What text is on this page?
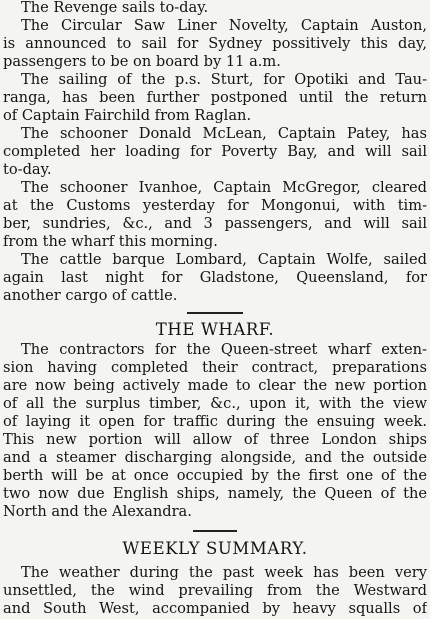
The Revenge sails to-day.

The Circular Saw Liner Novelty, Captain Auston,

is announced to sail for Sydney possitively this day,

passengers to be on board by 11 a.m.

The sailing of the p.s. Sturt, for Opotiki and Tau-

ranga, has been further postponed until the return

of Captain Fairchild from Raglan.

The schooner Donald McLean, Captain Patey, has

completed her loading for Poverty Bay, and will sail

to-day.

The schooner Ivanhoe, Captain McGregor, cleared

at the Customs yesterday for Mongonui, with tim-

ber, sundries, &c., and 3 passengers, and will sail

from the wharf this morning.

The cattle barque Lombard, Captain Wolfe, sailed

again last night for Gladstone, Queensland, for

another cargo of cattle.

THE WHARF.

The contractors for the Queen-street wharf exten-

sion having completed their contract, preparations

are now being actively made to clear the new portion

of all the surplus timber, &c., upon it, with the view

of laying it open for traffic during the ensuing week.

This new portion will allow of three London ships

and a steamer discharging alongside, and the outside

berth will be at once occupied by the first one of the

two now due English ships, namely, the Queen of the

North and the Alexandra.

WEEKLY SUMMARY.

The weather during the past week has been very

unsettled, the wind prevailing from the Westward

and South West, accompanied by heavy squalls of
